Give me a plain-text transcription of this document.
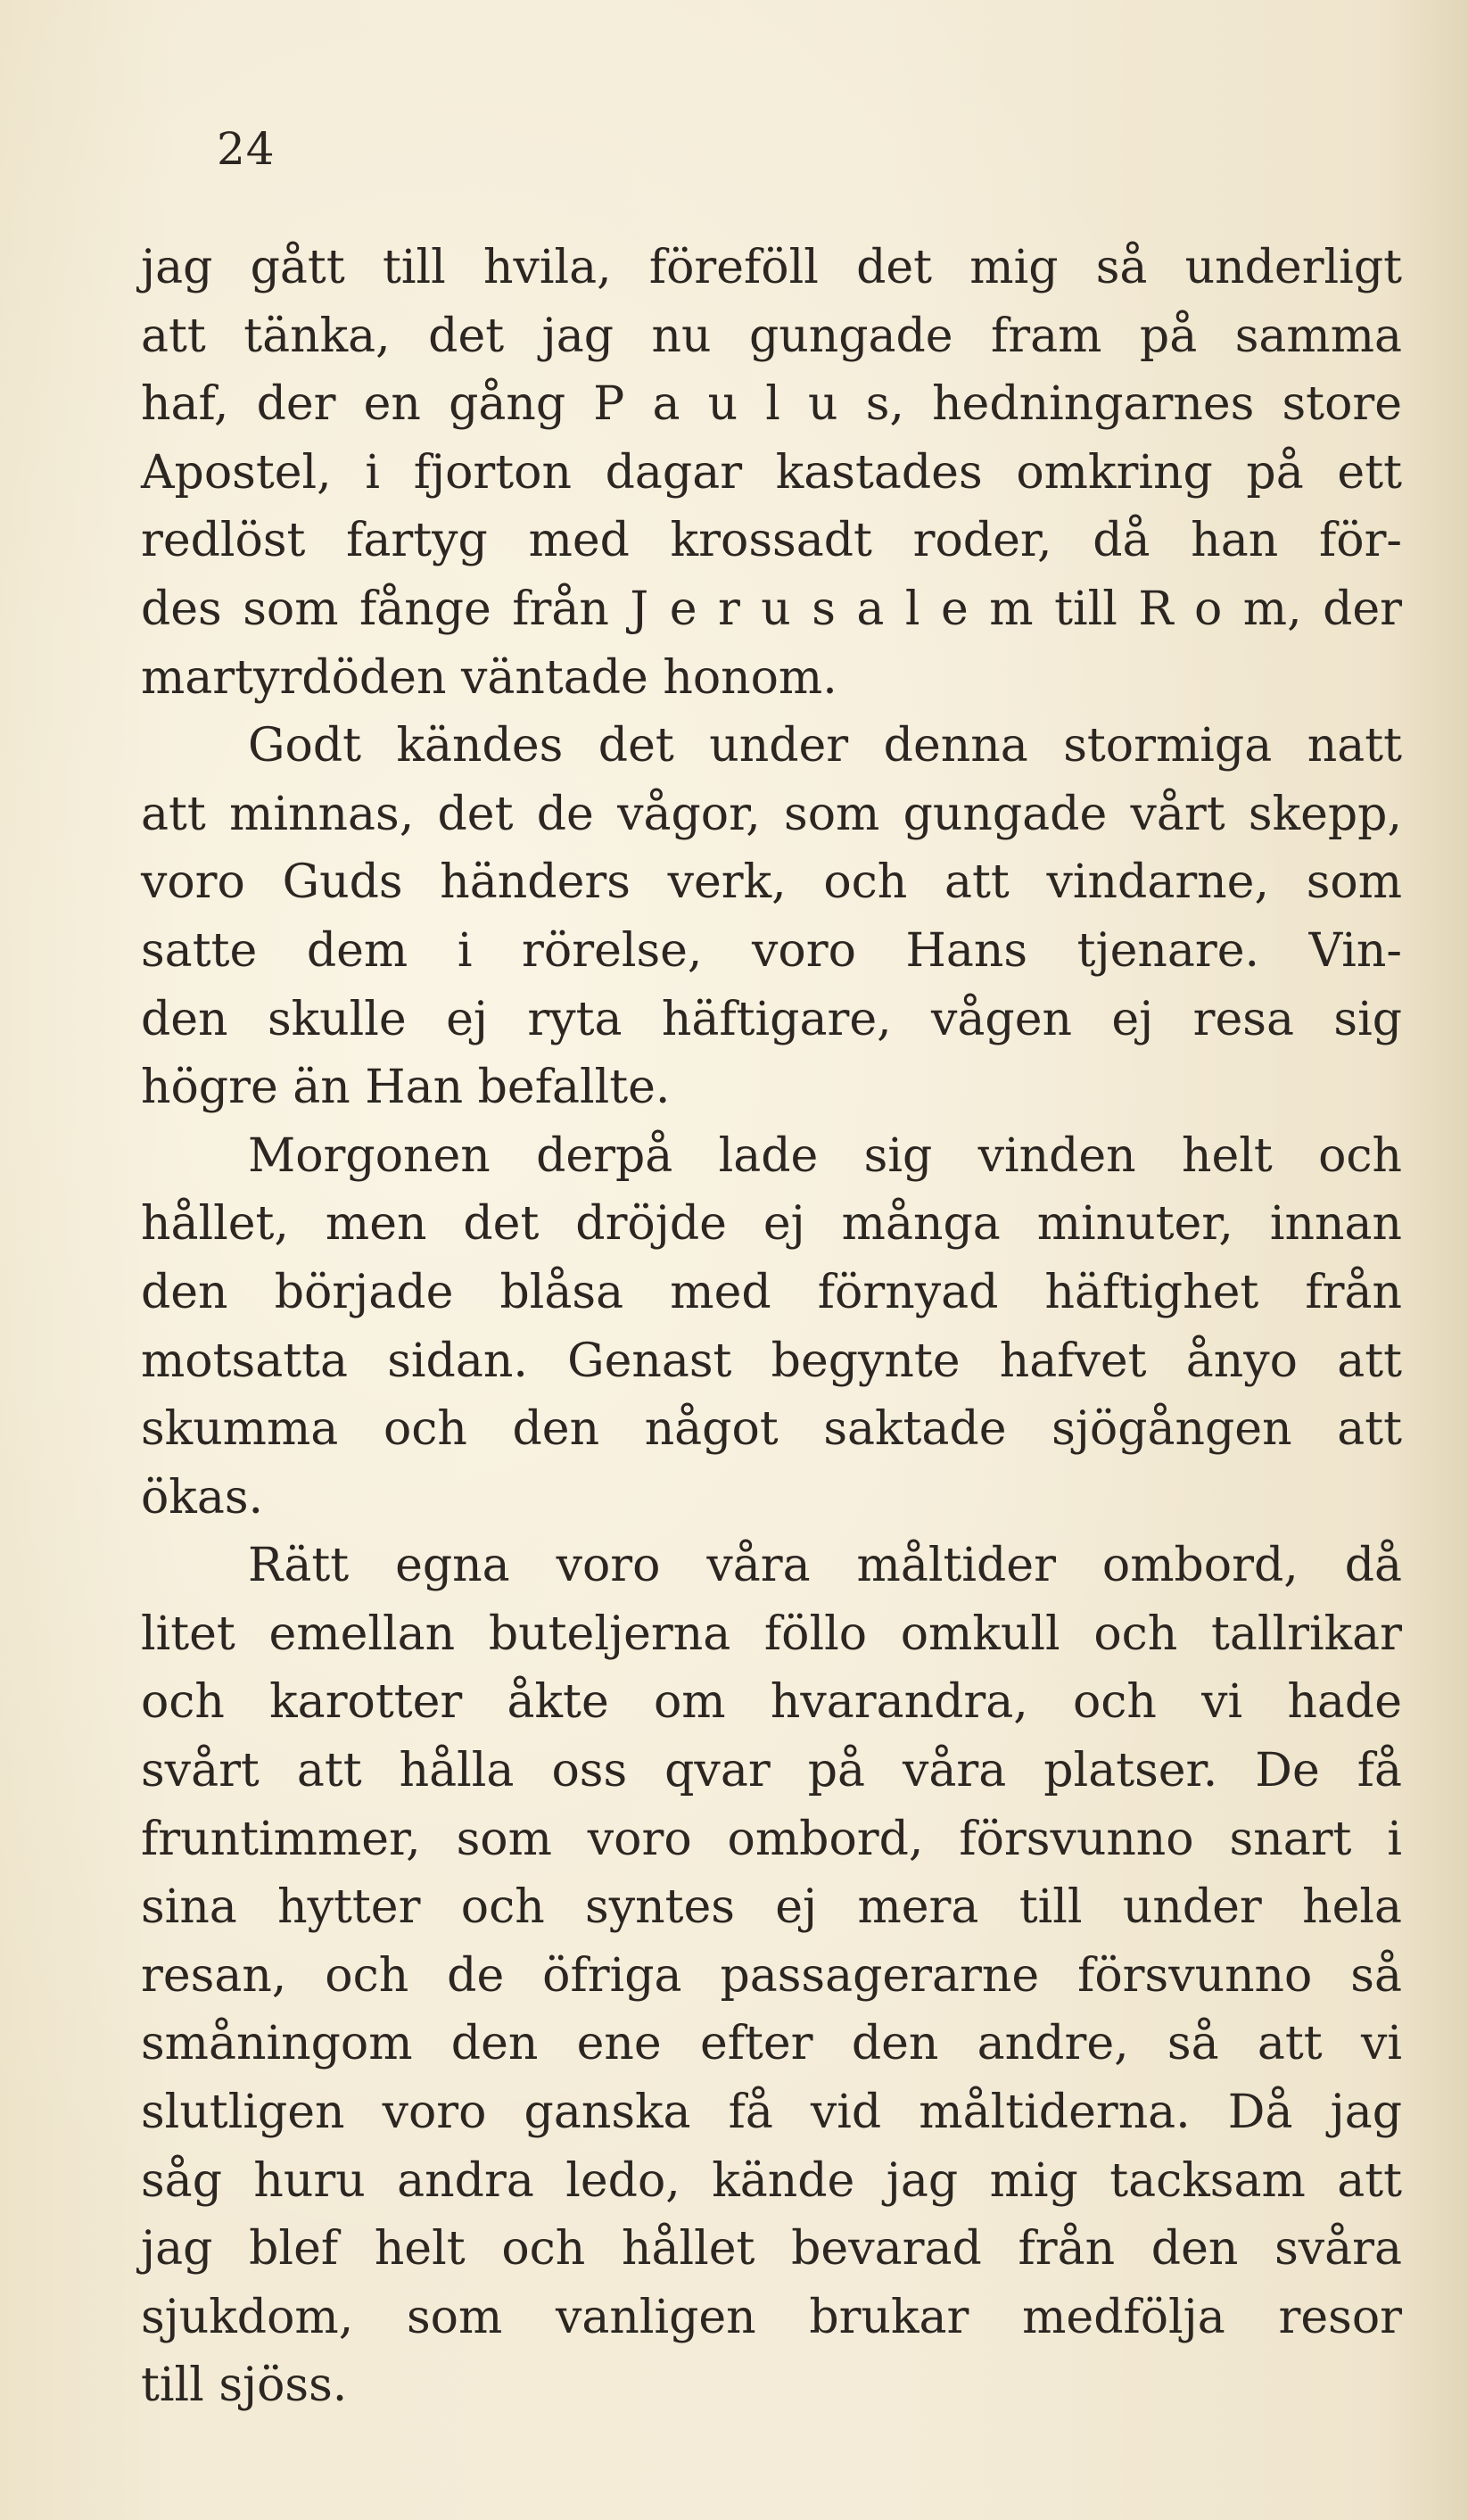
24
jag gått till hvila, föreföll det mig så underligt
att tänka, det jag nu gungade fram på samma
haf, der en gång P a u l u s, hedningarnes store
Apostel, i fjorton dagar kastades omkring på ett
redlöst fartyg med krossadt roder, då han för-
des som fånge från J e r u s a l e m till R o m, der
martyrdöden väntade honom.
Godt kändes det under denna stormiga natt
att minnas, det de vågor, som gungade vårt skepp,
voro Guds händers verk, och att vindarne, som
satte dem i rörelse, voro Hans tjenare. Vin-
den skulle ej ryta häftigare, vågen ej resa sig
högre än Han befallte.
Morgonen derpå lade sig vinden helt och
hållet, men det dröjde ej många minuter, innan
den började blåsa med förnyad häftighet från
motsatta sidan. Genast begynte hafvet ånyo att
skumma och den något saktade sjögången att
ökas.
Rätt egna voro våra måltider ombord, då
litet emellan buteljerna föllo omkull och tallrikar
och karotter åkte om hvarandra, och vi hade
svårt att hålla oss qvar på våra platser. De få
fruntimmer, som voro ombord, försvunno snart i
sina hytter och syntes ej mera till under hela
resan, och de öfriga passagerarne försvunno så
småningom den ene efter den andre, så att vi
slutligen voro ganska få vid måltiderna. Då jag
såg huru andra ledo, kände jag mig tacksam att
jag blef helt och hållet bevarad från den svåra
sjukdom, som vanligen brukar medfölja resor
till sjöss.
